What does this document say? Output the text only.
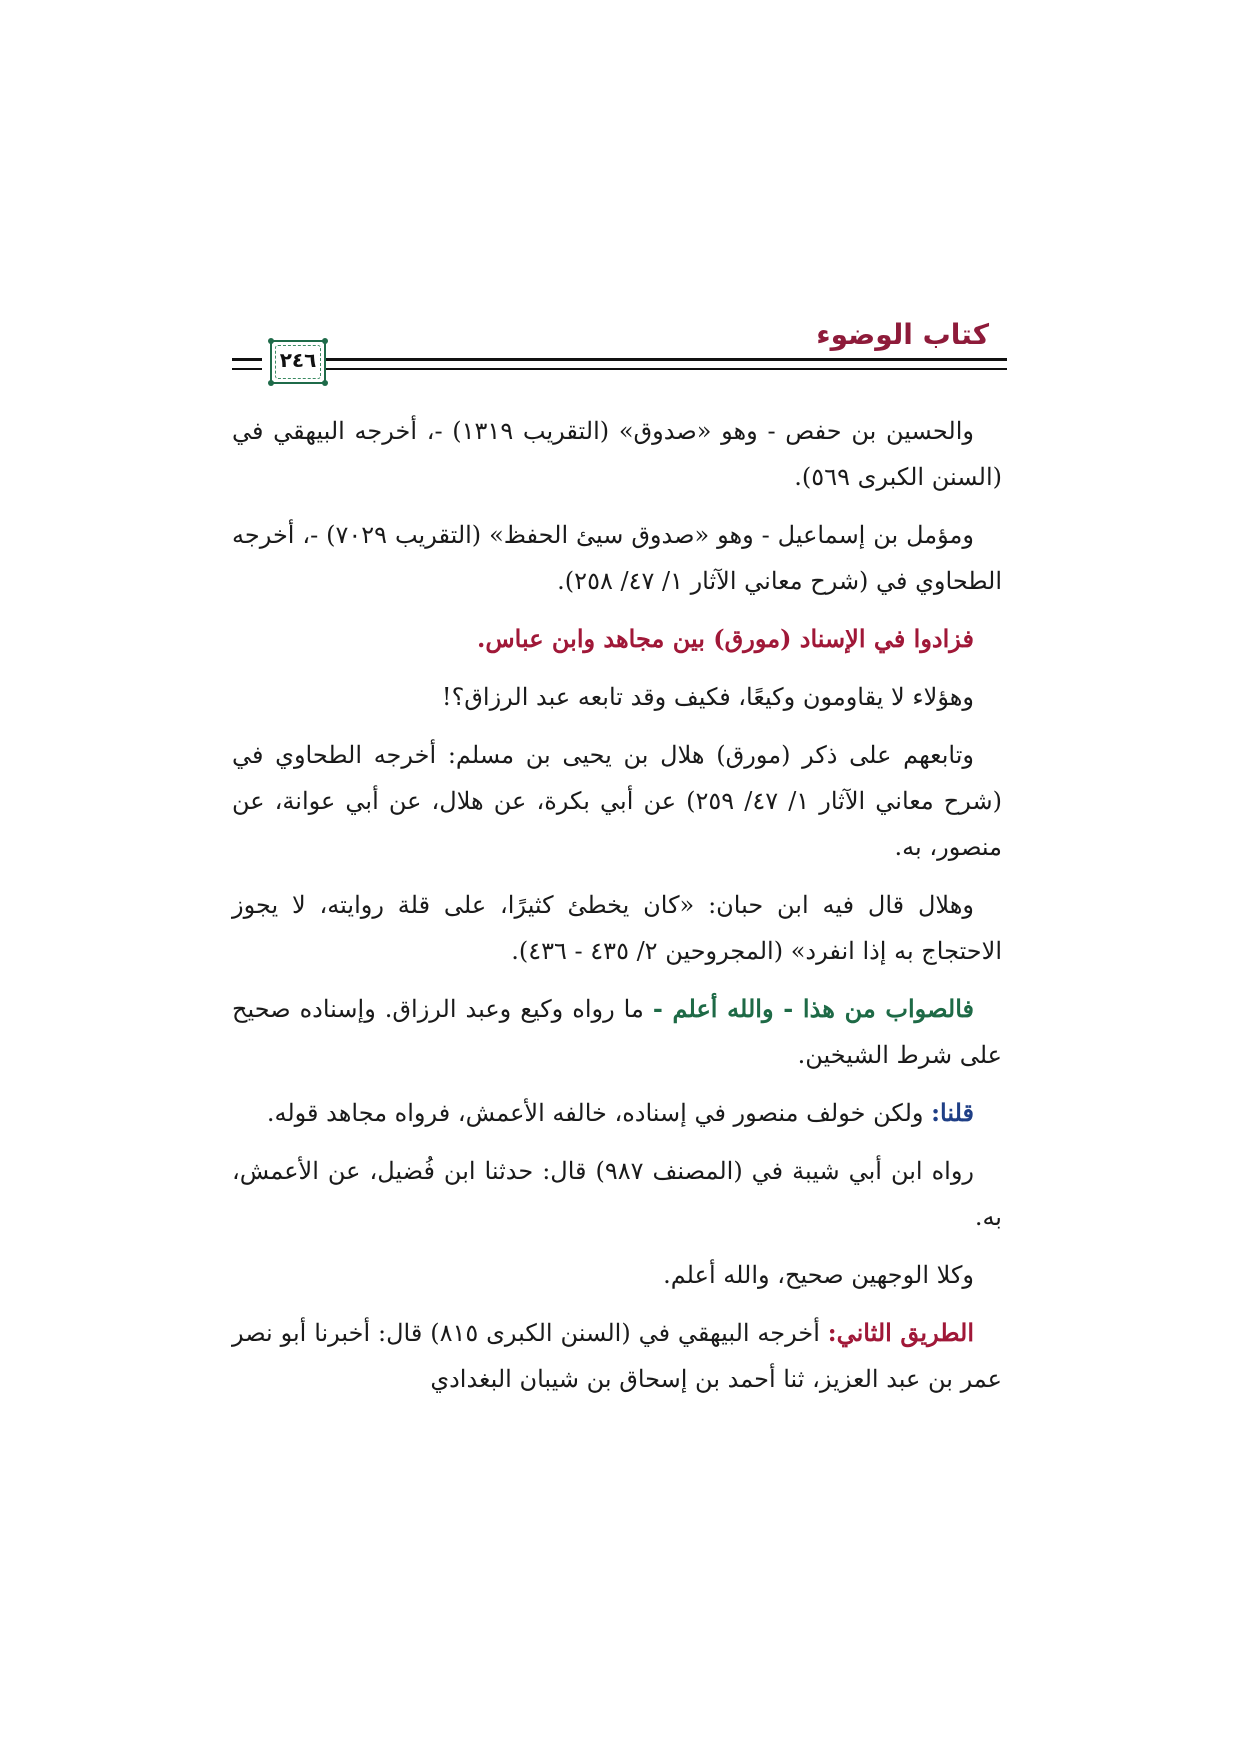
كتاب الوضوء
٢٤٦

والحسين بن حفص - وهو «صدوق» (التقريب ١٣١٩) -، أخرجه البيهقي في (السنن الكبرى ٥٦٩).

ومؤمل بن إسماعيل - وهو «صدوق سيئ الحفظ» (التقريب ٧٠٢٩) -، أخرجه الطحاوي في (شرح معاني الآثار ١/ ٤٧/ ٢٥٨).

فزادوا في الإسناد (مورق) بين مجاهد وابن عباس.

وهؤلاء لا يقاومون وكيعًا، فكيف وقد تابعه عبد الرزاق؟!

وتابعهم على ذكر (مورق) هلال بن يحيى بن مسلم: أخرجه الطحاوي في (شرح معاني الآثار ١/ ٤٧/ ٢٥٩) عن أبي بكرة، عن هلال، عن أبي عوانة، عن منصور، به.

وهلال قال فيه ابن حبان: «كان يخطئ كثيرًا، على قلة روايته، لا يجوز الاحتجاج به إذا انفرد» (المجروحين ٢/ ٤٣٥ - ٤٣٦).

فالصواب من هذا - والله أعلم - ما رواه وكيع وعبد الرزاق. وإسناده صحيح على شرط الشيخين.

قلنا: ولكن خولف منصور في إسناده، خالفه الأعمش، فرواه مجاهد قوله.

رواه ابن أبي شيبة في (المصنف ٩٨٧) قال: حدثنا ابن فُضيل، عن الأعمش، به.

وكلا الوجهين صحيح، والله أعلم.

الطريق الثاني: أخرجه البيهقي في (السنن الكبرى ٨١٥) قال: أخبرنا أبو نصر عمر بن عبد العزيز، ثنا أحمد بن إسحاق بن شيبان البغدادي
